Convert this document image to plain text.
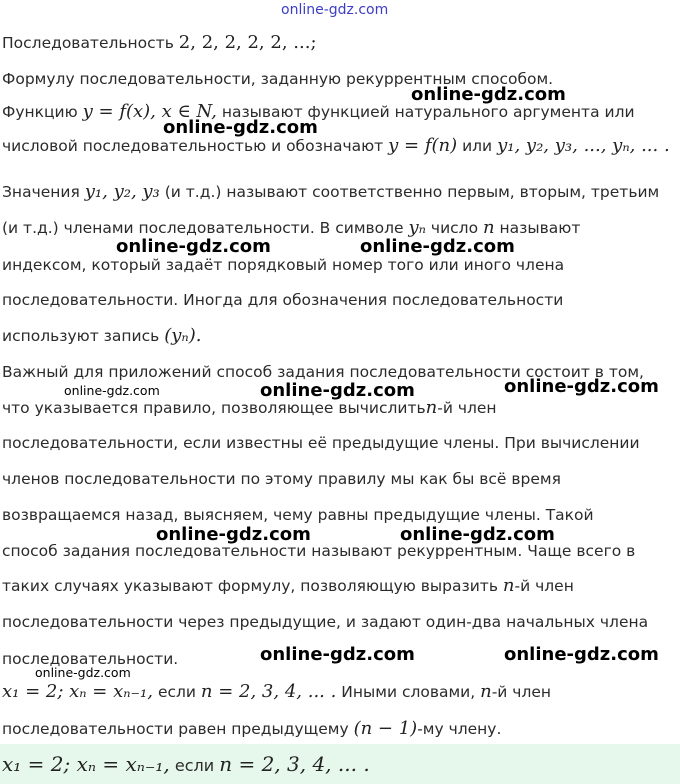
online-gdz.com
Последовательность 2, 2, 2, 2, 2, ...;
Формулу последовательности, заданную рекуррентным способом.
Функцию y = f(x), x ∈ N, называют функцией натурального аргумента или
числовой последовательностью и обозначают y = f(n) или y₁, y₂, y₃, ..., yₙ, ... .
Значения y₁, y₂, y₃ (и т.д.) называют соответственно первым, вторым, третьим
(и т.д.) членами последовательности. В символе yₙ число n называют
индексом, который задаёт порядковый номер того или иного члена
последовательности. Иногда для обозначения последовательности
используют запись (yₙ).
Важный для приложений способ задания последовательности состоит в том,
что указывается правило, позволяющее вычислитьn-й член
последовательности, если известны её предыдущие члены. При вычислении
членов последовательности по этому правилу мы как бы всё время
возвращаемся назад, выясняем, чему равны предыдущие члены. Такой
способ задания последовательности называют рекуррентным. Чаще всего в
таких случаях указывают формулу, позволяющую выразить n-й член
последовательности через предыдущие, и задают один-два начальных члена
последовательности.
x₁ = 2; xₙ = xₙ₋₁, если n = 2, 3, 4, ... . Иными словами, n-й член
последовательности равен предыдущему (n − 1)-му члену.
x₁ = 2; xₙ = xₙ₋₁, если n = 2, 3, 4, ... .
online-gdz.com
online-gdz.com
online-gdz.com	online-gdz.com
online-gdz.com	online-gdz.com	online-gdz.com
online-gdz.com	online-gdz.com
online-gdz.com	online-gdz.com
online-gdz.com
